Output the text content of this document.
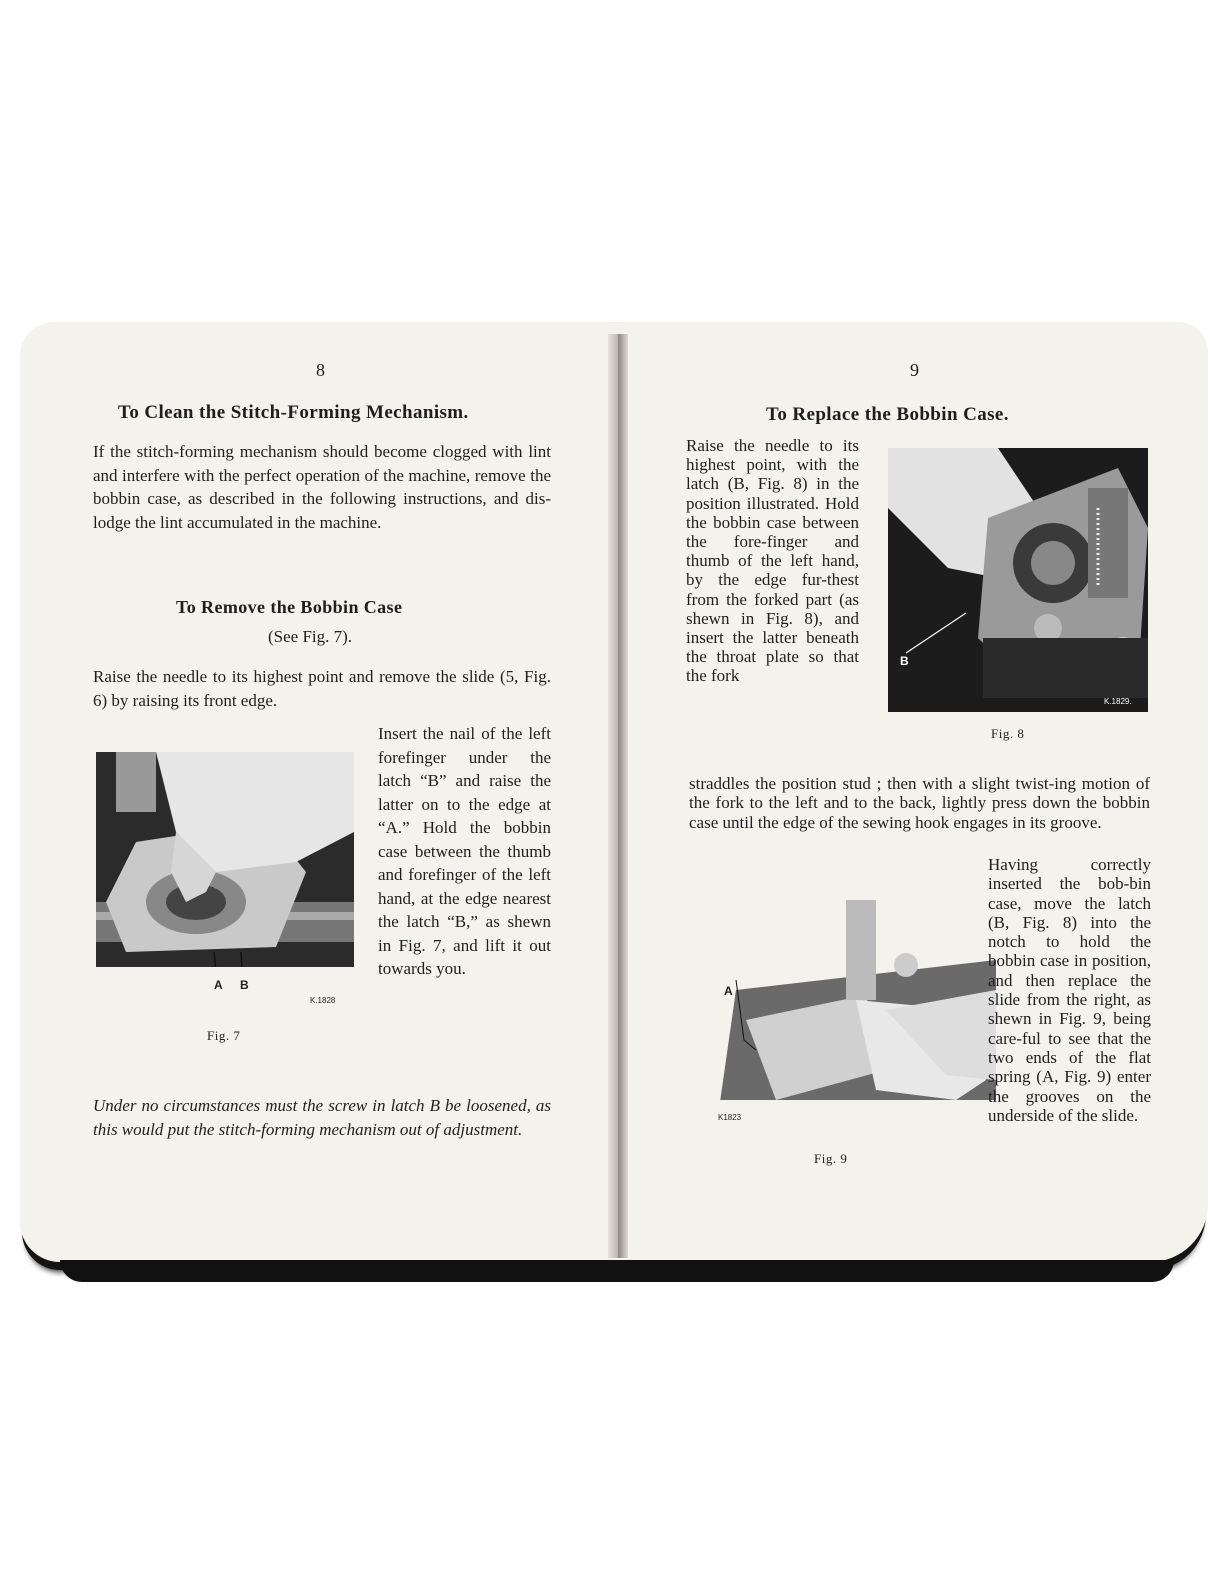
8
To Clean the Stitch-Forming Mechanism.

If the stitch-forming mechanism should become clogged with lint and interfere with the perfect operation of the machine, remove the bobbin case, as described in the following instructions, and dis-lodge the lint accumulated in the machine.

To Remove the Bobbin Case
(See Fig. 7).

Raise the needle to its highest point and remove the slide (5, Fig. 6) by raising its front edge.

A B
K.1828
Fig. 7

Insert the nail of the left forefinger under the latch “B” and raise the latter on to the edge at “A.” Hold the bobbin case between the thumb and forefinger of the left hand, at the edge nearest the latch “B,” as shewn in Fig. 7, and lift it out towards you.

Under no circumstances must the screw in latch B be loosened, as this would put the stitch-forming mechanism out of adjustment.

9
To Replace the Bobbin Case.

Raise the needle to its highest point, with the latch (B, Fig. 8) in the position illustrated. Hold the bobbin case between the fore-finger and thumb of the left hand, by the edge fur-thest from the forked part (as shewn in Fig. 8), and insert the latter beneath the throat plate so that the fork

B
K.1829.
Fig. 8

straddles the position stud ; then with a slight twist-ing motion of the fork to the left and to the back, lightly press down the bobbin case until the edge of the sewing hook engages in its groove.

A
K1823
Fig. 9

Having correctly inserted the bob-bin case, move the latch (B, Fig. 8) into the notch to hold the bobbin case in position, and then replace the slide from the right, as shewn in Fig. 9, being care-ful to see that the two ends of the flat spring (A, Fig. 9) enter the grooves on the underside of the slide.
